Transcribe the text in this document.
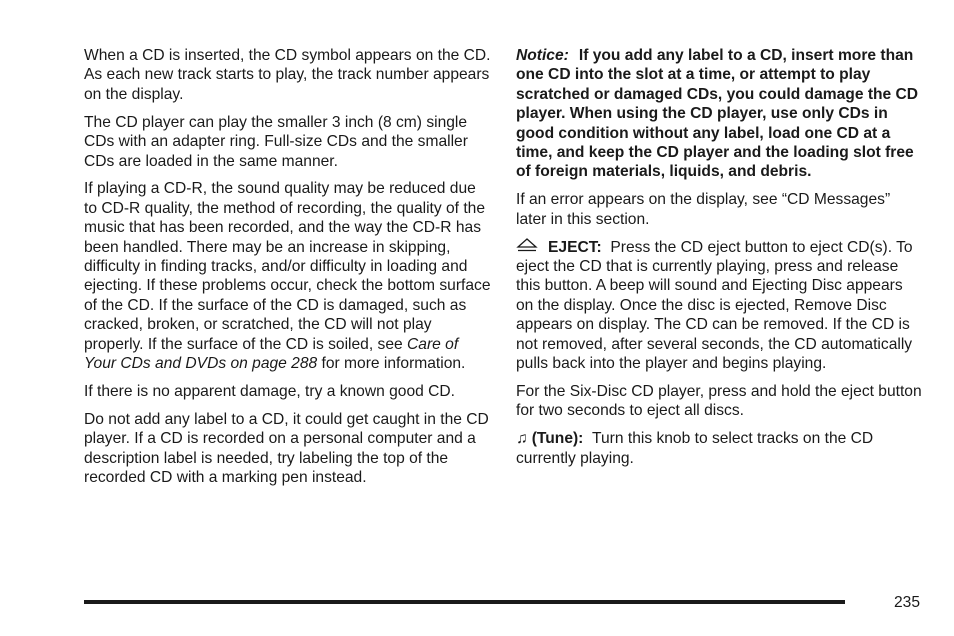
When a CD is inserted, the CD symbol appears on the CD. As each new track starts to play, the track number appears on the display.

The CD player can play the smaller 3 inch (8 cm) single CDs with an adapter ring. Full-size CDs and the smaller CDs are loaded in the same manner.

If playing a CD-R, the sound quality may be reduced due to CD-R quality, the method of recording, the quality of the music that has been recorded, and the way the CD-R has been handled. There may be an increase in skipping, difficulty in finding tracks, and/or difficulty in loading and ejecting. If these problems occur, check the bottom surface of the CD. If the surface of the CD is damaged, such as cracked, broken, or scratched, the CD will not play properly. If the surface of the CD is soiled, see Care of Your CDs and DVDs on page 288 for more information.

If there is no apparent damage, try a known good CD.

Do not add any label to a CD, it could get caught in the CD player. If a CD is recorded on a personal computer and a description label is needed, try labeling the top of the recorded CD with a marking pen instead.

Notice: If you add any label to a CD, insert more than one CD into the slot at a time, or attempt to play scratched or damaged CDs, you could damage the CD player. When using the CD player, use only CDs in good condition without any label, load one CD at a time, and keep the CD player and the loading slot free of foreign materials, liquids, and debris.

If an error appears on the display, see “CD Messages” later in this section.

EJECT: Press the CD eject button to eject CD(s). To eject the CD that is currently playing, press and release this button. A beep will sound and Ejecting Disc appears on the display. Once the disc is ejected, Remove Disc appears on display. The CD can be removed. If the CD is not removed, after several seconds, the CD automatically pulls back into the player and begins playing.

For the Six-Disc CD player, press and hold the eject button for two seconds to eject all discs.

♫ (Tune): Turn this knob to select tracks on the CD currently playing.

235
